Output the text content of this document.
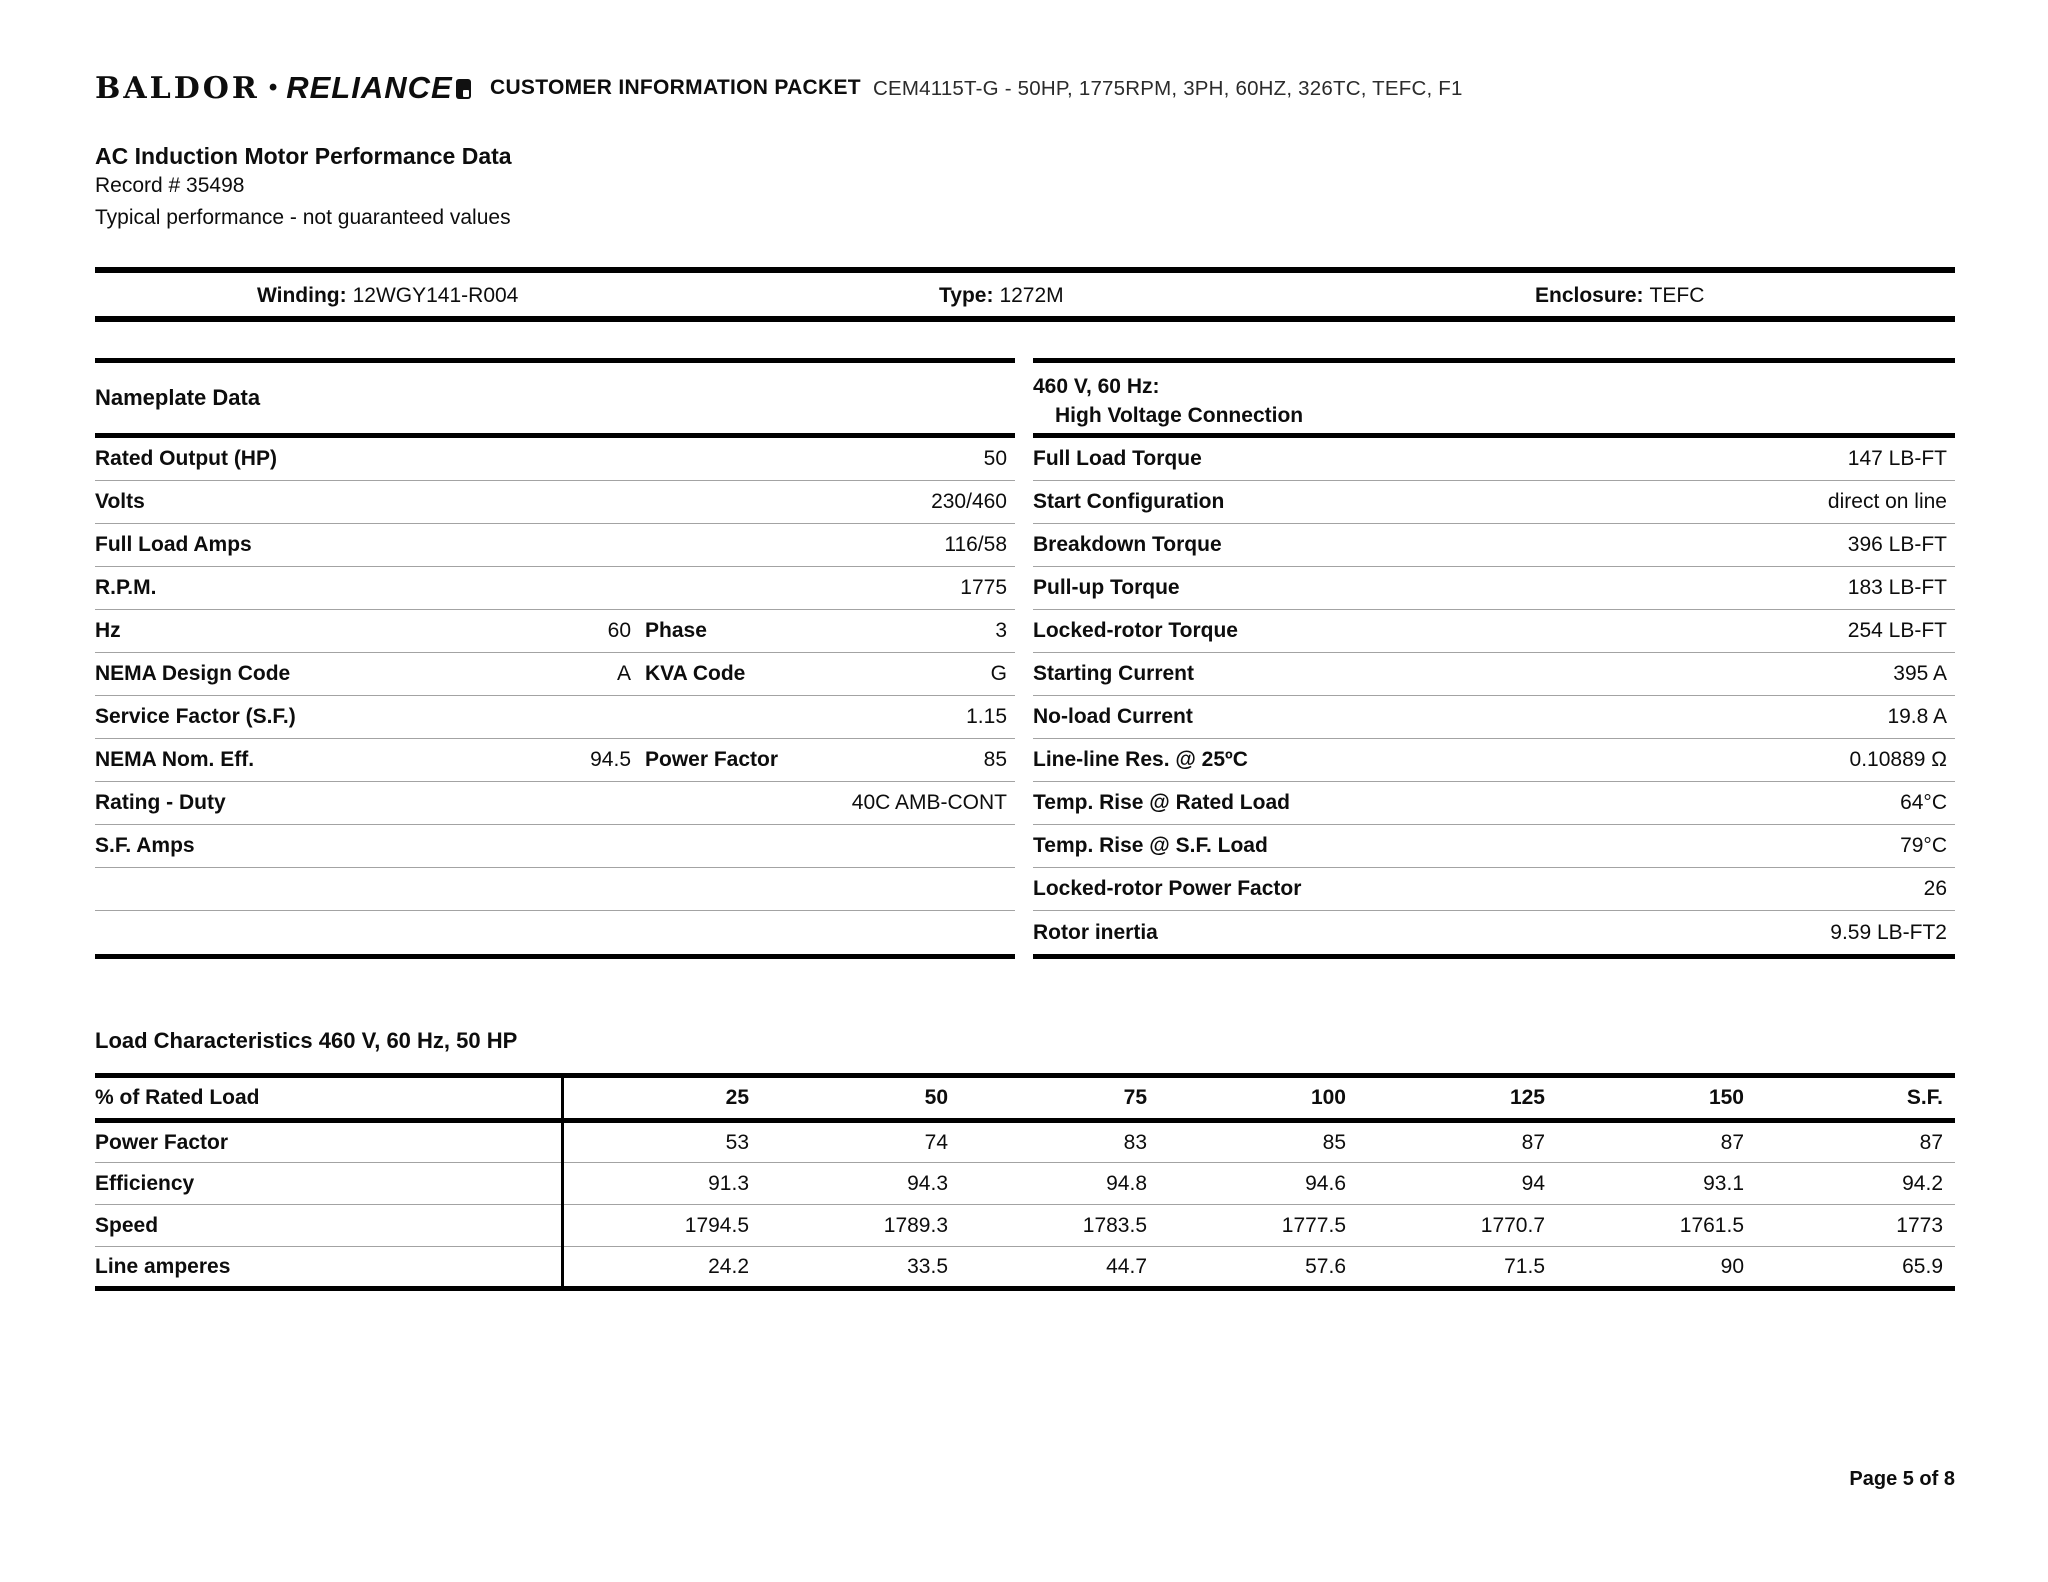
BALDOR • RELIANCE	CUSTOMER INFORMATION PACKET CEM4115T-G - 50HP, 1775RPM, 3PH, 60HZ, 326TC, TEFC, F1
AC Induction Motor Performance Data
Record # 35498
Typical performance - not guaranteed values
Winding: 12WGY141-R004	Type: 1272M	Enclosure: TEFC
Nameplate Data
Rated Output (HP)	50
Volts	230/460
Full Load Amps	116/58
R.P.M.	1775
Hz	60 Phase	3
NEMA Design Code	A KVA Code	G
Service Factor (S.F.)	1.15
NEMA Nom. Eff.	94.5 Power Factor	85
Rating - Duty	40C AMB-CONT
S.F. Amps
460 V, 60 Hz:
High Voltage Connection
Full Load Torque	147 LB-FT
Start Configuration	direct on line
Breakdown Torque	396 LB-FT
Pull-up Torque	183 LB-FT
Locked-rotor Torque	254 LB-FT
Starting Current	395 A
No-load Current	19.8 A
Line-line Res. @ 25ºC	0.10889 Ω
Temp. Rise @ Rated Load	64°C
Temp. Rise @ S.F. Load	79°C
Locked-rotor Power Factor	26
Rotor inertia	9.59 LB-FT2
Load Characteristics 460 V, 60 Hz, 50 HP
% of Rated Load	25	50	75	100	125	150	S.F.
Power Factor	53	74	83	85	87	87	87
Efficiency	91.3	94.3	94.8	94.6	94	93.1	94.2
Speed	1794.5	1789.3	1783.5	1777.5	1770.7	1761.5	1773
Line amperes	24.2	33.5	44.7	57.6	71.5	90	65.9
Page 5 of 8
